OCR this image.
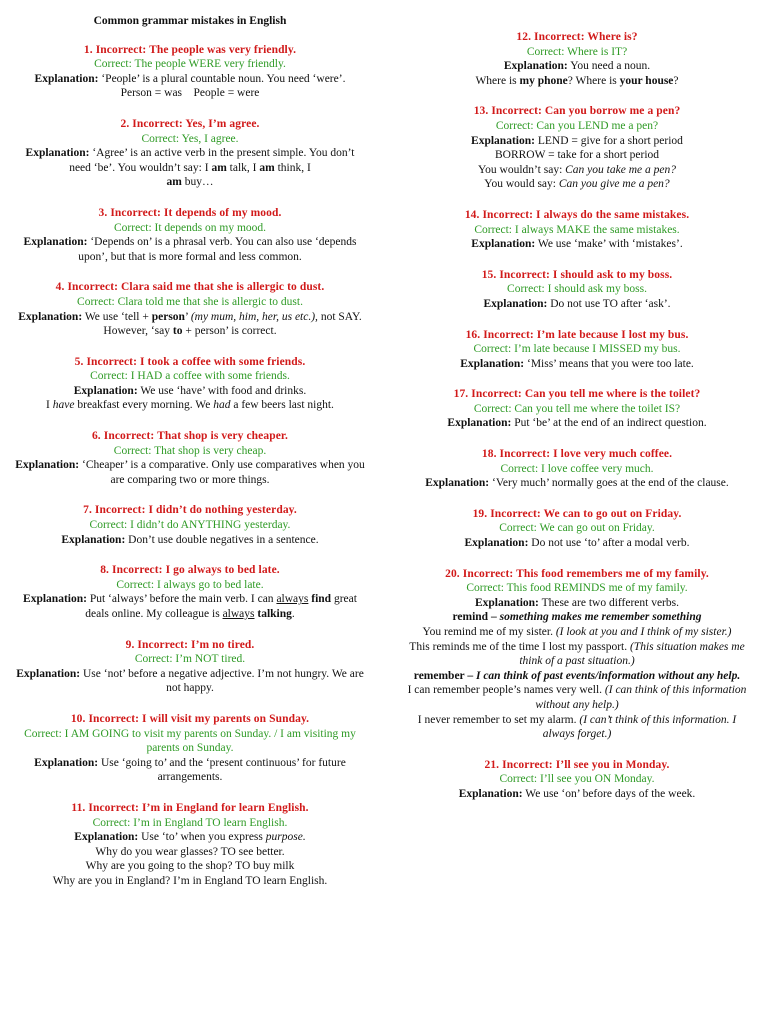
Common grammar mistakes in English
1. Incorrect: The people was very friendly.
Correct: The people WERE very friendly.
Explanation: ‘People’ is a plural countable noun. You need ‘were’.
Person = was    People = were
2. Incorrect: Yes, I’m agree.
Correct: Yes, I agree.
Explanation: ‘Agree’ is an active verb in the present simple. You don’t need ‘be’. You wouldn’t say: I am talk, I am think, I
am buy…
3. Incorrect: It depends of my mood.
Correct: It depends on my mood.
Explanation: ‘Depends on’ is a phrasal verb. You can also use ‘depends upon’, but that is more formal and less common.
4. Incorrect: Clara said me that she is allergic to dust.
Correct: Clara told me that she is allergic to dust.
Explanation: We use ‘tell + person’ (my mum, him, her, us etc.), not SAY.
However, ‘say to + person’ is correct.
5. Incorrect: I took a coffee with some friends.
Correct: I HAD a coffee with some friends.
Explanation: We use ‘have’ with food and drinks.
I have breakfast every morning. We had a few beers last night.
6. Incorrect: That shop is very cheaper.
Correct: That shop is very cheap.
Explanation: ‘Cheaper’ is a comparative. Only use comparatives when you are comparing two or more things.
7. Incorrect: I didn’t do nothing yesterday.
Correct: I didn’t do ANYTHING yesterday.
Explanation: Don’t use double negatives in a sentence.
8. Incorrect: I go always to bed late.
Correct: I always go to bed late.
Explanation: Put ‘always’ before the main verb. I can always find great deals online. My colleague is always talking.
9. Incorrect: I’m no tired.
Correct: I’m NOT tired.
Explanation: Use ‘not’ before a negative adjective. I’m not hungry. We are not happy.
10. Incorrect: I will visit my parents on Sunday.
Correct: I AM GOING to visit my parents on Sunday. / I am visiting my parents on Sunday.
Explanation: Use ‘going to’ and the ‘present continuous’ for future arrangements.
11. Incorrect: I’m in England for learn English.
Correct: I’m in England TO learn English.
Explanation: Use ‘to’ when you express purpose.
Why do you wear glasses? TO see better.
Why are you going to the shop? TO buy milk
Why are you in England? I’m in England TO learn English.
12. Incorrect: Where is?
Correct: Where is IT?
Explanation: You need a noun.
Where is my phone? Where is your house?
13. Incorrect: Can you borrow me a pen?
Correct: Can you LEND me a pen?
Explanation: LEND = give for a short period
BORROW = take for a short period
You wouldn’t say: Can you take me a pen?
You would say: Can you give me a pen?
14. Incorrect: I always do the same mistakes.
Correct: I always MAKE the same mistakes.
Explanation: We use ‘make’ with ‘mistakes’.
15. Incorrect: I should ask to my boss.
Correct: I should ask my boss.
Explanation: Do not use TO after ‘ask’.
16. Incorrect: I’m late because I lost my bus.
Correct: I’m late because I MISSED my bus.
Explanation: ‘Miss’ means that you were too late.
17. Incorrect: Can you tell me where is the toilet?
Correct: Can you tell me where the toilet IS?
Explanation: Put ‘be’ at the end of an indirect question.
18. Incorrect: I love very much coffee.
Correct: I love coffee very much.
Explanation: ‘Very much’ normally goes at the end of the clause.
19. Incorrect: We can to go out on Friday.
Correct: We can go out on Friday.
Explanation: Do not use ‘to’ after a modal verb.
20. Incorrect: This food remembers me of my family.
Correct: This food REMINDS me of my family.
Explanation: These are two different verbs.
remind – something makes me remember something
You remind me of my sister. (I look at you and I think of my sister.)
This reminds me of the time I lost my passport. (This situation makes me think of a past situation.)
remember – I can think of past events/information without any help.
I can remember people’s names very well. (I can think of this information without any help.)
I never remember to set my alarm. (I can’t think of this information. I always forget.)
21. Incorrect: I’ll see you in Monday.
Correct: I’ll see you ON Monday.
Explanation: We use ‘on’ before days of the week.
